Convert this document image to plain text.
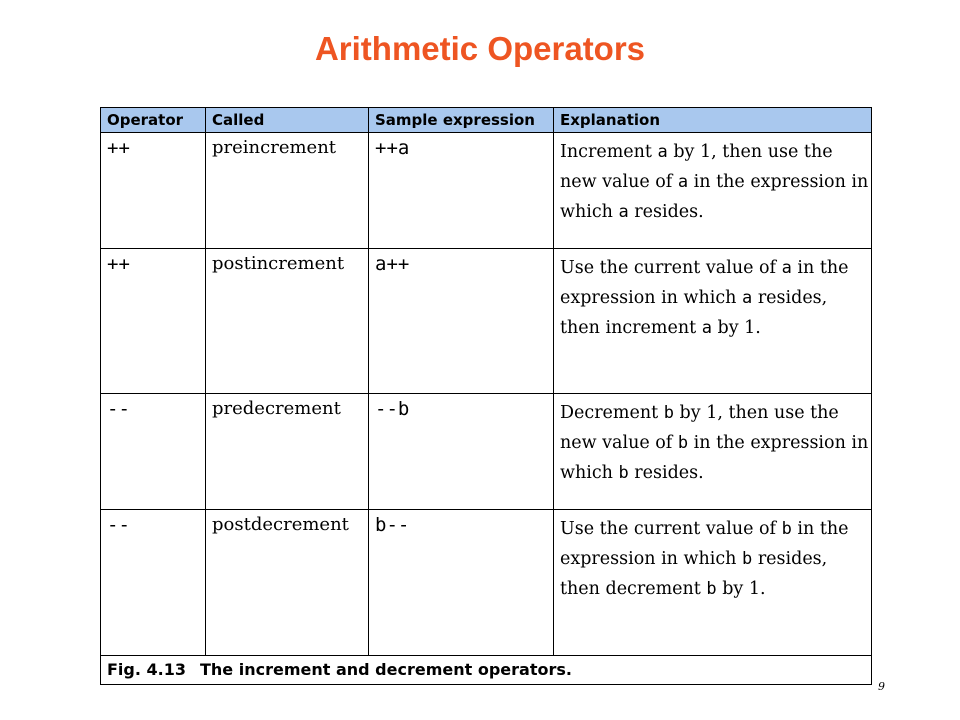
Arithmetic Operators
Operator	Called	Sample expression	Explanation
++	preincrement	++a	Increment a by 1, then use the new value of a in the expression in which a resides.
++	postincrement	a++	Use the current value of a in the expression in which a resides, then increment a by 1.
--	predecrement	--b	Decrement b by 1, then use the new value of b in the expression in which b resides.
--	postdecrement	b--	Use the current value of b in the expression in which b resides, then decrement b by 1.
Fig. 4.13 The increment and decrement operators.			
9
